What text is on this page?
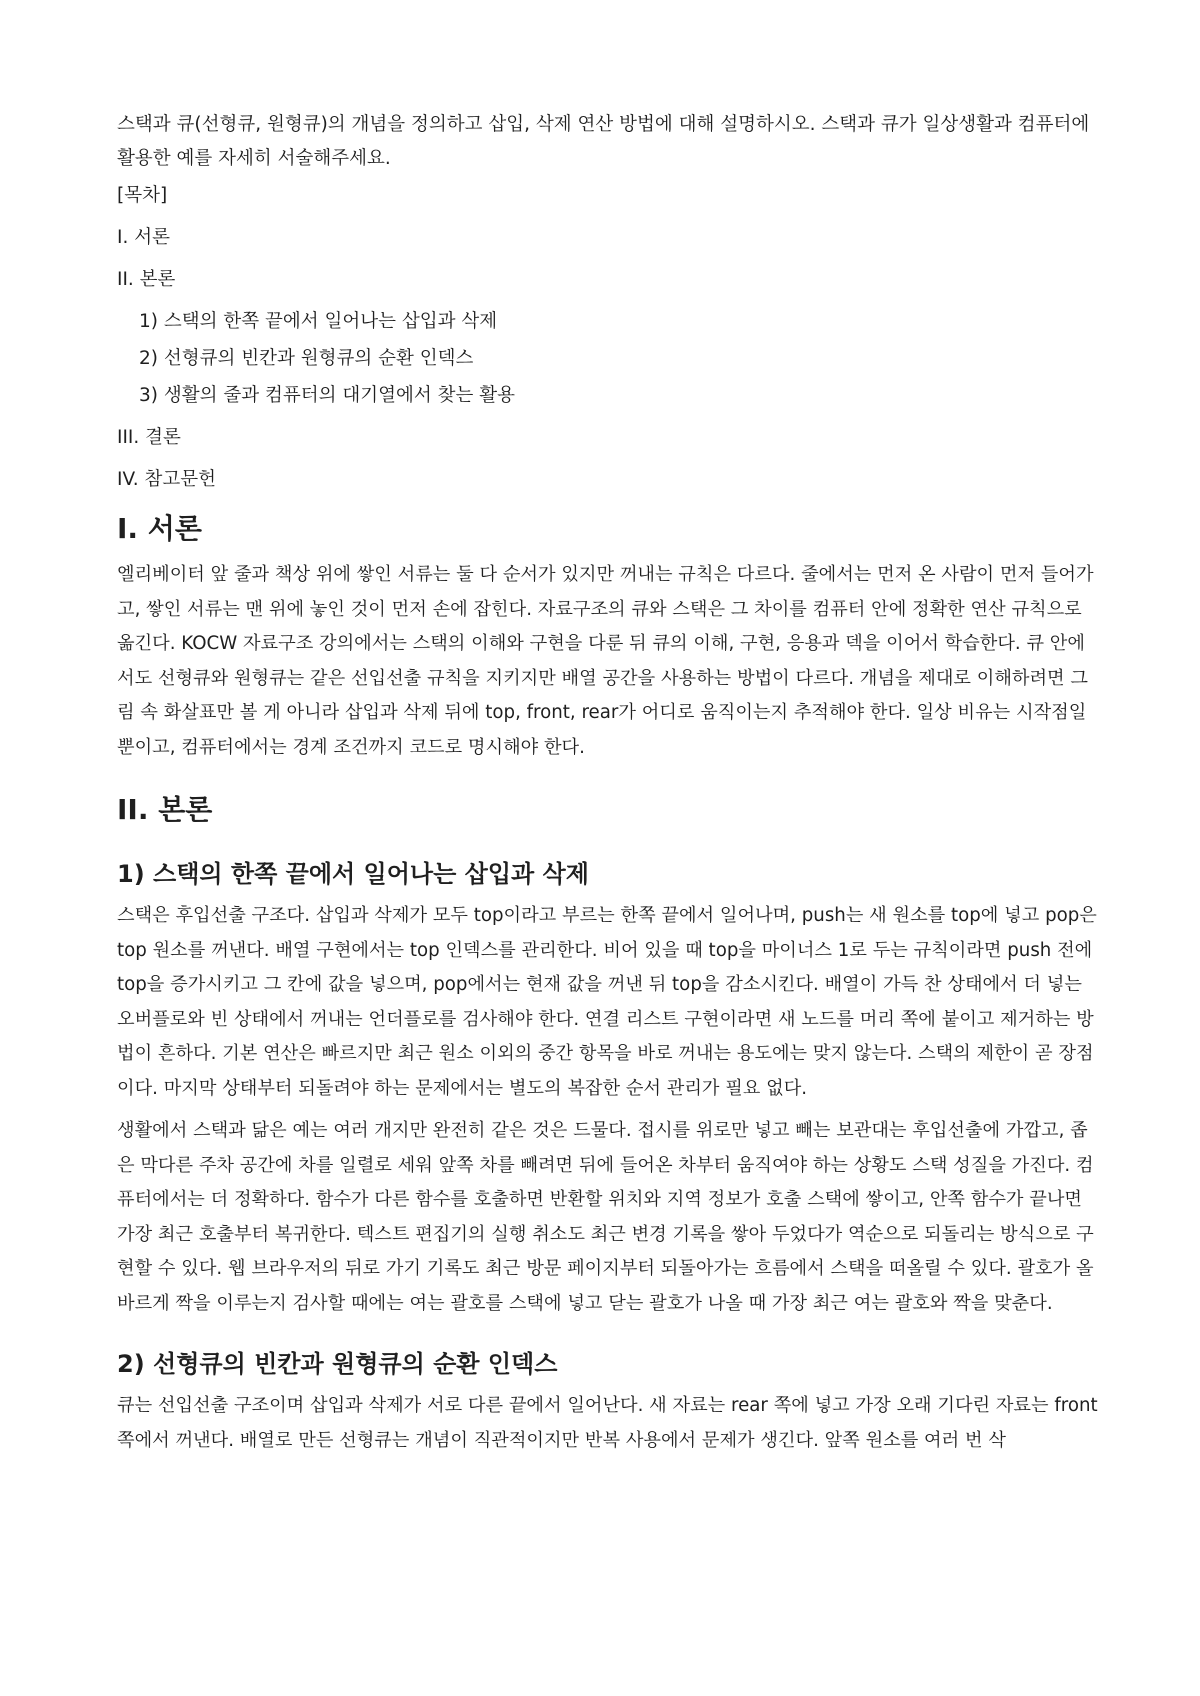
스택과 큐(선형큐, 원형큐)의 개념을 정의하고 삽입, 삭제 연산 방법에 대해 설명하시오. 스택과 큐가 일상생활과 컴퓨터에 활용한 예를 자세히 서술해주세요.

[목차]
I. 서론
II. 본론
1) 스택의 한쪽 끝에서 일어나는 삽입과 삭제
2) 선형큐의 빈칸과 원형큐의 순환 인덱스
3) 생활의 줄과 컴퓨터의 대기열에서 찾는 활용
III. 결론
IV. 참고문헌
I. 서론

엘리베이터 앞 줄과 책상 위에 쌓인 서류는 둘 다 순서가 있지만 꺼내는 규칙은 다르다. 줄에서는 먼저 온 사람이 먼저 들어가고, 쌓인 서류는 맨 위에 놓인 것이 먼저 손에 잡힌다. 자료구조의 큐와 스택은 그 차이를 컴퓨터 안에 정확한 연산 규칙으로 옮긴다. KOCW 자료구조 강의에서는 스택의 이해와 구현을 다룬 뒤 큐의 이해, 구현, 응용과 덱을 이어서 학습한다. 큐 안에서도 선형큐와 원형큐는 같은 선입선출 규칙을 지키지만 배열 공간을 사용하는 방법이 다르다. 개념을 제대로 이해하려면 그림 속 화살표만 볼 게 아니라 삽입과 삭제 뒤에 top, front, rear가 어디로 움직이는지 추적해야 한다. 일상 비유는 시작점일 뿐이고, 컴퓨터에서는 경계 조건까지 코드로 명시해야 한다.

II. 본론
1) 스택의 한쪽 끝에서 일어나는 삽입과 삭제

스택은 후입선출 구조다. 삽입과 삭제가 모두 top이라고 부르는 한쪽 끝에서 일어나며, push는 새 원소를 top에 넣고 pop은 top 원소를 꺼낸다. 배열 구현에서는 top 인덱스를 관리한다. 비어 있을 때 top을 마이너스 1로 두는 규칙이라면 push 전에 top을 증가시키고 그 칸에 값을 넣으며, pop에서는 현재 값을 꺼낸 뒤 top을 감소시킨다. 배열이 가득 찬 상태에서 더 넣는 오버플로와 빈 상태에서 꺼내는 언더플로를 검사해야 한다. 연결 리스트 구현이라면 새 노드를 머리 쪽에 붙이고 제거하는 방법이 흔하다. 기본 연산은 빠르지만 최근 원소 이외의 중간 항목을 바로 꺼내는 용도에는 맞지 않는다. 스택의 제한이 곧 장점이다. 마지막 상태부터 되돌려야 하는 문제에서는 별도의 복잡한 순서 관리가 필요 없다.

생활에서 스택과 닮은 예는 여러 개지만 완전히 같은 것은 드물다. 접시를 위로만 넣고 빼는 보관대는 후입선출에 가깝고, 좁은 막다른 주차 공간에 차를 일렬로 세워 앞쪽 차를 빼려면 뒤에 들어온 차부터 움직여야 하는 상황도 스택 성질을 가진다. 컴퓨터에서는 더 정확하다. 함수가 다른 함수를 호출하면 반환할 위치와 지역 정보가 호출 스택에 쌓이고, 안쪽 함수가 끝나면 가장 최근 호출부터 복귀한다. 텍스트 편집기의 실행 취소도 최근 변경 기록을 쌓아 두었다가 역순으로 되돌리는 방식으로 구현할 수 있다. 웹 브라우저의 뒤로 가기 기록도 최근 방문 페이지부터 되돌아가는 흐름에서 스택을 떠올릴 수 있다. 괄호가 올바르게 짝을 이루는지 검사할 때에는 여는 괄호를 스택에 넣고 닫는 괄호가 나올 때 가장 최근 여는 괄호와 짝을 맞춘다.

2) 선형큐의 빈칸과 원형큐의 순환 인덱스

큐는 선입선출 구조이며 삽입과 삭제가 서로 다른 끝에서 일어난다. 새 자료는 rear 쪽에 넣고 가장 오래 기다린 자료는 front 쪽에서 꺼낸다. 배열로 만든 선형큐는 개념이 직관적이지만 반복 사용에서 문제가 생긴다. 앞쪽 원소를 여러 번 삭
